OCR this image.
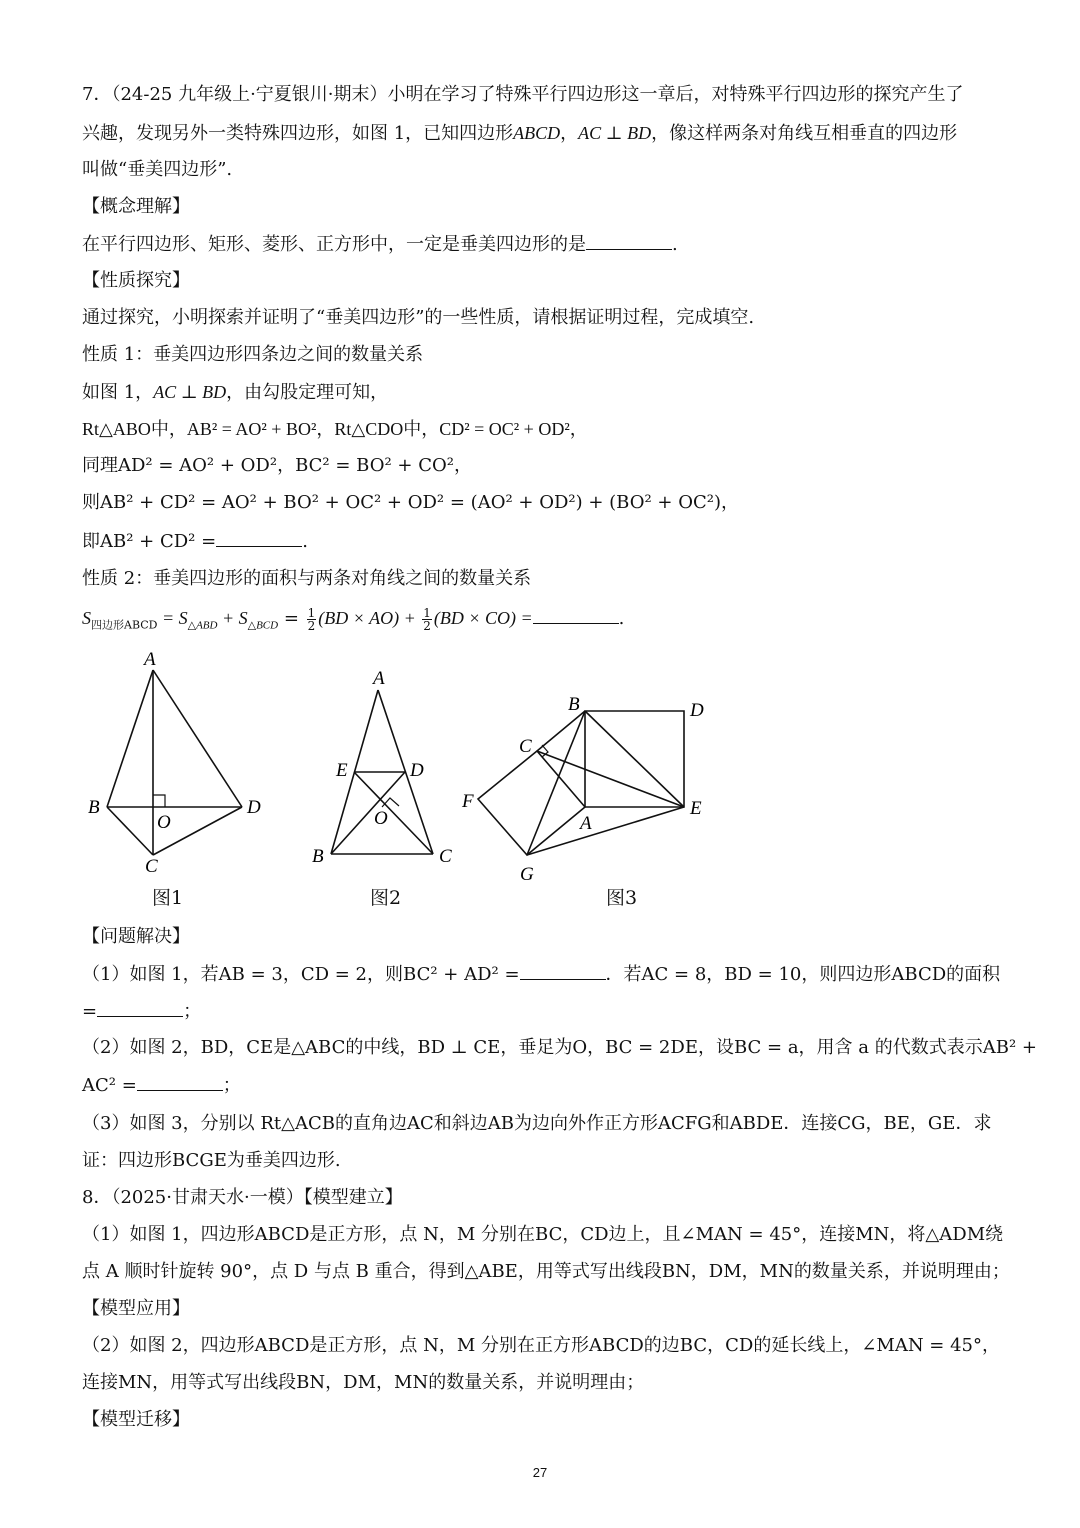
7．（24-25 九年级上·宁夏银川·期末）小明在学习了特殊平行四边形这一章后，对特殊平行四边形的探究产生了
兴趣，发现另外一类特殊四边形，如图 1，已知四边形ABCD，AC ⊥ BD，像这样两条对角线互相垂直的四边形
叫做“垂美四边形”.
【概念理解】
在平行四边形、矩形、菱形、正方形中，一定是垂美四边形的是	.
【性质探究】
通过探究，小明探索并证明了“垂美四边形”的一些性质，请根据证明过程，完成填空.
性质 1：垂美四边形四条边之间的数量关系
如图 1，AC ⊥ BD，由勾股定理可知，
Rt△ABO中，AB² = AO² + BO²，Rt△CDO中，CD² = OC² + OD²，
同理AD² = AO² + OD²，BC² = BO² + CO²，
则AB² + CD² = AO² + BO² + OC² + OD² = (AO² + OD²) + (BO² + OC²)，
即AB² + CD² =	.
性质 2：垂美四边形的面积与两条对角线之间的数量关系
$S_{四边形ABCD} = S_{\triangle ABD} + S_{\triangle BCD} = \frac{1}{2} (BD \times AO) + \frac{1}{2} (BD \times CO)$ =	.
A
B
O
D
C
A
E	D
O
B	C
B	D
C
F
A
E
G
图1	图2	图3
【问题解决】
（1）如图 1，若AB = 3，CD = 2，则BC² + AD² =	．若AC = 8，BD = 10，则四边形ABCD的面积
=	；
（2）如图 2，BD，CE是△ABC的中线，BD ⊥ CE，垂足为O，BC = 2DE，设BC = a，用含 a 的代数式表示AB² +
AC² =	；
（3）如图 3，分别以 Rt△ACB的直角边AC和斜边AB为边向外作正方形ACFG和ABDE．连接CG，BE，GE．求
证：四边形BCGE为垂美四边形.
8．（2025·甘肃天水·一模）【模型建立】
（1）如图 1，四边形ABCD是正方形，点 N，M 分别在BC，CD边上，且∠MAN = 45°，连接MN，将△ADM绕
点 A 顺时针旋转 90°，点 D 与点 B 重合，得到△ABE，用等式写出线段BN，DM，MN的数量关系，并说明理由；
【模型应用】
（2）如图 2，四边形ABCD是正方形，点 N，M 分别在正方形ABCD的边BC，CD的延长线上，∠MAN = 45°，
连接MN，用等式写出线段BN，DM，MN的数量关系，并说明理由；
【模型迁移】
27
